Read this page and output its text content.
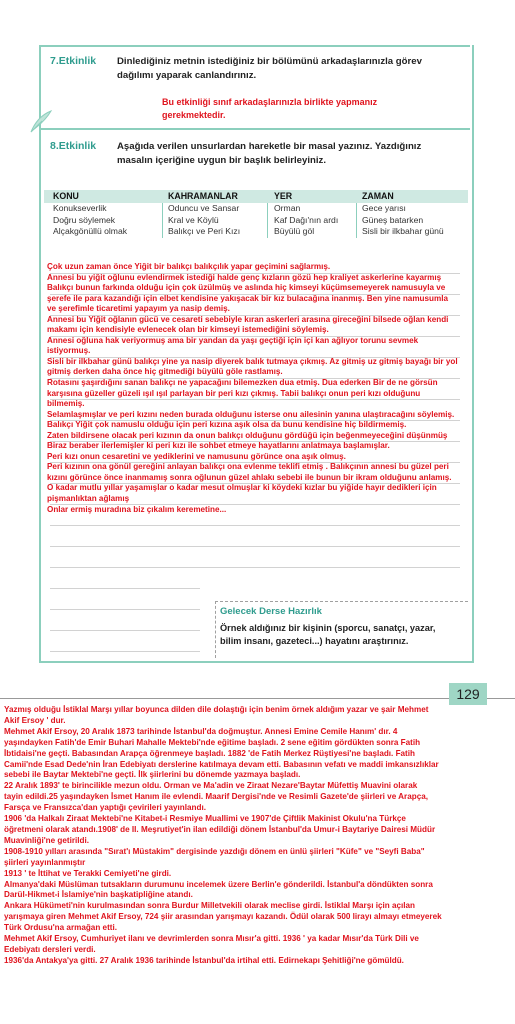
7.Etkinlik Dinlediğiniz metnin istediğiniz bir bölümünü arkadaşlarınızla görev
dağılımı yaparak canlandırınız.
Bu etkinliği sınıf arkadaşlarınızla birlikte yapmanız
gerekmektedir.
8.Etkinlik Aşağıda verilen unsurlardan hareketle bir masal yazınız. Yazdığınız
masalın içeriğine uygun bir başlık belirleyiniz.
KONU	KAHRAMANLAR	YER	ZAMAN
Konukseverlik	Oduncu ve Sansar	Orman	Gece yarısı
Doğru söylemek	Kral ve Köylü	Kaf Dağı'nın ardı	Güneş batarken
Alçakgönüllü olmak	Balıkçı ve Peri Kızı	Büyülü göl	Sisli bir ilkbahar günü

Çok uzun zaman önce Yiğit bir balıkçı balıkçılık yapar geçimini sağlarmış.

Annesi bu yiğit oğlunu evlendirmek istediği halde genç kızların gözü hep kraliyet askerlerine kayarmış

Balıkçı bunun farkında olduğu için çok üzülmüş ve aslında hiç kimseyi küçümsemeyerek namusuyla ve

şerefe ile para kazandığı için elbet kendisine yakışacak bir kız bulacağına inanmış. Ben yine namusumla

ve şerefimle ticaretimi yapayım ya nasip demiş.

Annesi bu Yiğit oğlanın gücü ve cesareti sebebiyle kıran askerleri arasına gireceğini bilsede oğlan kendi

makamı için kendisiyle evlenecek olan bir kimseyi istemediğini söylemiş.

Annesi oğluna hak veriyormuş ama bir yandan da yaşı geçtiği için içi kan ağlıyor torunu sevmek

istiyormuş.

Sisli bir ilkbahar günü balıkçı yine ya nasip diyerek balık tutmaya çıkmış. Az gitmiş uz gitmiş bayağı bir yol

gitmiş derken daha önce hiç gitmediği büyülü göle rastlamış.

Rotasını şaşırdığını sanan balıkçı ne yapacağını bilemezken dua etmiş. Dua ederken Bir de ne görsün

karşısına güzeller güzeli ışıl ışıl parlayan bir peri kızı çıkmış. Tabii balıkçı onun peri kızı olduğunu

bilmemiş.

Selamlaşmışlar ve peri kızını neden burada olduğunu isterse onu ailesinin yanına ulaştıracağını söylemiş.

Balıkçı Yiğit çok namuslu olduğu için peri kızına aşık olsa da bunu kendisine hiç bildirmemiş.

Zaten bildirsene olacak peri kızının da onun balıkçı olduğunu gördüğü için beğenmeyeceğini düşünmüş

Biraz beraber ilerlemişler ki peri kızı ile sohbet etmeye hayatlarını anlatmaya başlamışlar.

Peri kızı onun cesaretini ve yediklerini ve namusunu görünce ona aşık olmuş.

Peri kızının ona gönül gereğini anlayan balıkçı ona evlenme teklifi etmiş . Balıkçının annesi bu güzel peri

kızını görünce önce inanmamış sonra oğlunun güzel ahlakı sebebi ile bunun bir ikram olduğunu anlamış.

O kadar mutlu yıllar yaşamışlar o kadar mesut olmuşlar ki köydeki kızlar bu yiğide hayır dedikleri için

pişmanlıktan ağlamış

Onlar ermiş muradına biz çıkalım keremetine...

Gelecek Derse Hazırlık
Örnek aldığınız bir kişinin (sporcu, sanatçı, yazar,
bilim insanı, gazeteci...) hayatını araştırınız.
129

Yazmış olduğu İstiklal Marşı yıllar boyunca dilden dile dolaştığı için benim örnek aldığım yazar ve şair Mehmet

Akif Ersoy ' dur.

Mehmet Akif Ersoy, 20 Aralık 1873 tarihinde İstanbul'da doğmuştur. Annesi Emine Cemile Hanım' dır. 4

yaşındayken Fatih'de Emir Buhari Mahalle Mektebi'nde eğitime başladı. 2 sene eğitim gördükten sonra Fatih

İbtidaisi'ne geçti. Babasından Arapça öğrenmeye başladı. 1882 'de Fatih Merkez Rüştiyesi'ne başladı. Fatih

Camii'nde Esad Dede'nin İran Edebiyatı derslerine katılmaya devam etti. Babasının vefatı ve maddi imkansızlıklar

sebebi ile Baytar Mektebi'ne geçti. İlk şiirlerini bu dönemde yazmaya başladı.

22 Aralık 1893' te birincilikle mezun oldu. Orman ve Ma'adin ve Ziraat Nezare'Baytar Müfettiş Muavini olarak

tayin edildi.25 yaşındayken İsmet Hanım ile evlendi. Maarif Dergisi'nde ve Resimli Gazete'de şiirleri ve Arapça,

Farsça ve Fransızca'dan yaptığı çevirileri yayınlandı.

1906 'da Halkalı Ziraat Mektebi'ne Kitabet-i Resmiye Muallimi ve 1907'de Çiftlik Makinist Okulu'na Türkçe

öğretmeni olarak atandı.1908' de II. Meşrutiyet'in ilan edildiği dönem İstanbul'da Umur-i Baytariye Dairesi Müdür

Muavinliği'ne getirildi.

1908-1910 yılları arasında "Sırat'ı Müstakim" dergisinde yazdığı dönem en ünlü şiirleri "Küfe" ve "Seyfi Baba"

şiirleri yayınlanmıştır

1913 ' te İttihat ve Terakki Cemiyeti'ne girdi.

Almanya'daki Müslüman tutsakların durumunu incelemek üzere Berlin'e gönderildi. İstanbul'a döndükten sonra

Darül-Hikmet-i İslamiye'nin başkatipliğine atandı.

Ankara Hükümeti'nin kurulmasından sonra Burdur Milletvekili olarak meclise girdi. İstiklal Marşı için açılan

yarışmaya giren Mehmet Akif Ersoy, 724 şiir arasından yarışmayı kazandı. Ödül olarak 500 lirayı almayı etmeyerek

Türk Ordusu'na armağan etti.

Mehmet Akif Ersoy, Cumhuriyet ilanı ve devrimlerden sonra Mısır'a gitti. 1936 ' ya kadar Mısır'da Türk Dili ve

Edebiyatı dersleri verdi.

1936'da Antakya'ya gitti. 27 Aralık 1936 tarihinde İstanbul'da irtihal etti. Edirnekapı Şehitliği'ne gömüldü.
